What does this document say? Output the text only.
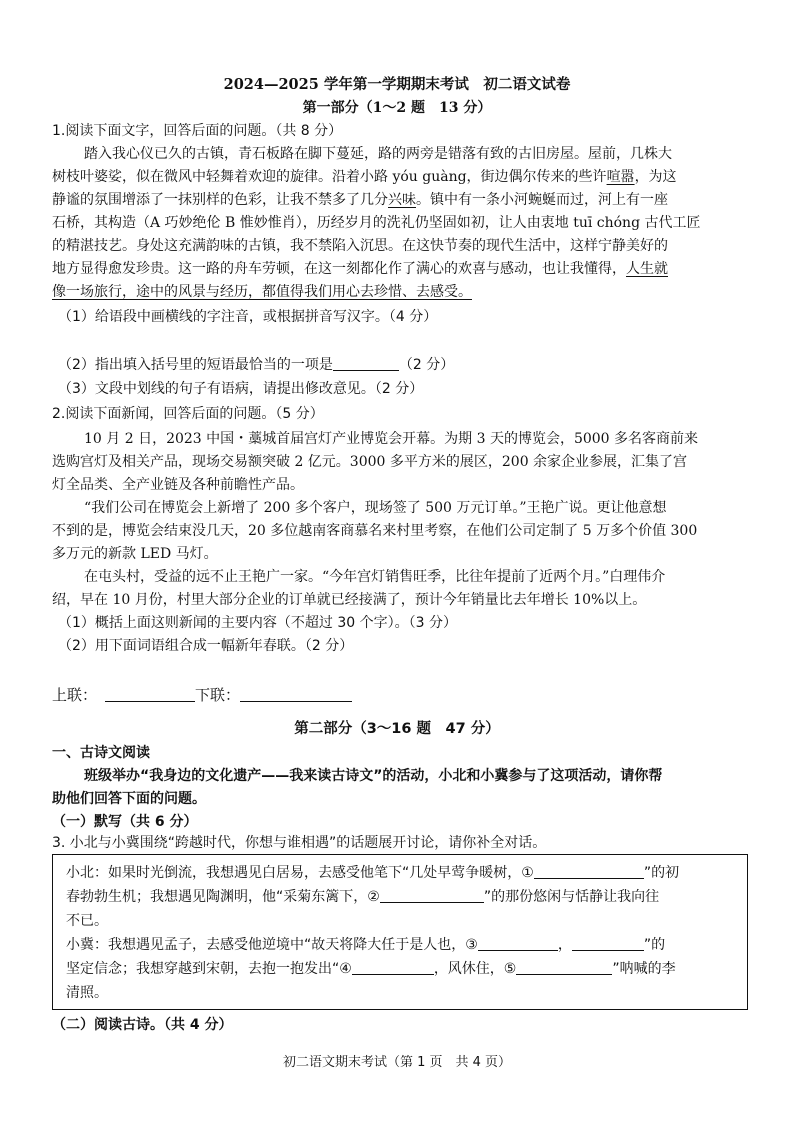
2024—2025 学年第一学期期末考试　初二语文试卷
第一部分（1～2 题　13 分）
1.阅读下面文字，回答后面的问题。（共 8 分）
踏入我心仪已久的古镇，青石板路在脚下蔓延，路的两旁是错落有致的古旧房屋。屋前，几株大
树枝叶婆娑，似在微风中轻舞着欢迎的旋律。沿着小路 yóu guàng，街边偶尔传来的些许喧嚣，为这
静谧的氛围增添了一抹别样的色彩，让我不禁多了几分兴味。镇中有一条小河蜿蜒而过，河上有一座
石桥，其构造（A 巧妙绝伦 B 惟妙惟肖），历经岁月的洗礼仍坚固如初，让人由衷地 tuī chóng 古代工匠
的精湛技艺。身处这充满韵味的古镇，我不禁陷入沉思。在这快节奏的现代生活中，这样宁静美好的
地方显得愈发珍贵。这一路的舟车劳顿，在这一刻都化作了满心的欢喜与感动，也让我懂得，人生就
像一场旅行，途中的风景与经历，都值得我们用心去珍惜、去感受。
（1）给语段中画横线的字注音，或根据拼音写汉字。（4 分）
（2）指出填入括号里的短语最恰当的一项是	（2 分）
（3）文段中划线的句子有语病，请提出修改意见。（2 分）
2.阅读下面新闻，回答后面的问题。（5 分）
10 月 2 日，2023 中国・藁城首届宫灯产业博览会开幕。为期 3 天的博览会，5000 多名客商前来
选购宫灯及相关产品，现场交易额突破 2 亿元。3000 多平方米的展区，200 余家企业参展，汇集了宫
灯全品类、全产业链及各种前瞻性产品。
“我们公司在博览会上新增了 200 多个客户，现场签了 500 万元订单。”王艳广说。更让他意想
不到的是，博览会结束没几天，20 多位越南客商慕名来村里考察，在他们公司定制了 5 万多个价值 300
多万元的新款 LED 马灯。
在屯头村，受益的远不止王艳广一家。“今年宫灯销售旺季，比往年提前了近两个月。”白理伟介
绍，早在 10 月份，村里大部分企业的订单就已经接满了，预计今年销量比去年增长 10%以上。
（1）概括上面这则新闻的主要内容（不超过 30 个字）。（3 分）
（2）用下面词语组合成一幅新年春联。（2 分）
上联：	下联：
第二部分（3～16 题　47 分）
一、古诗文阅读
班级举办“我身边的文化遗产——我来读古诗文”的活动，小北和小冀参与了这项活动，请你帮
助他们回答下面的问题。
（一）默写（共 6 分）
3. 小北与小冀围绕“跨越时代，你想与谁相遇”的话题展开讨论，请你补全对话。
小北：如果时光倒流，我想遇见白居易，去感受他笔下“几处早莺争暖树，①	”的初
春勃勃生机；我想遇见陶渊明，他“采菊东篱下，②	”的那份悠闲与恬静让我向往
不已。
小冀：我想遇见孟子，去感受他逆境中“故天将降大任于是人也，③	，	”的
坚定信念；我想穿越到宋朝，去抱一抱发出“④	，风休住，⑤	”呐喊的李
清照。
（二）阅读古诗。（共 4 分）
初二语文期末考试（第 1 页　共 4 页）
